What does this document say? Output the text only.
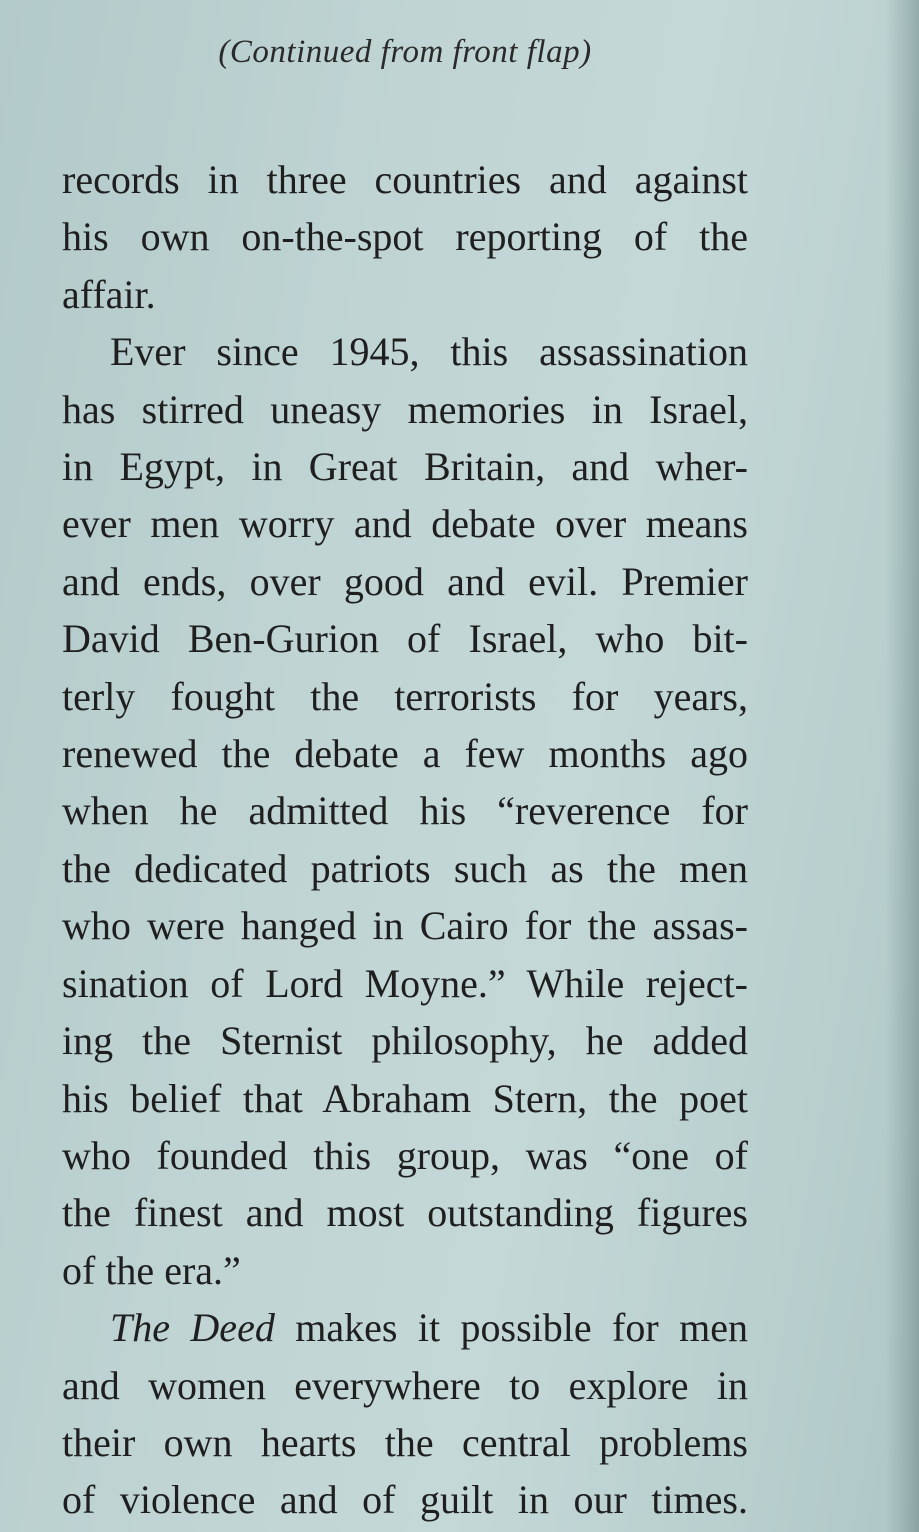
(Continued from front flap)

records in three countries and against
his own on-the-spot reporting of the
affair.

Ever since 1945, this assassination
has stirred uneasy memories in Israel,
in Egypt, in Great Britain, and wher-
ever men worry and debate over means
and ends, over good and evil. Premier
David Ben-Gurion of Israel, who bit-
terly fought the terrorists for years,
renewed the debate a few months ago
when he admitted his “reverence for
the dedicated patriots such as the men
who were hanged in Cairo for the assas-
sination of Lord Moyne.” While reject-
ing the Sternist philosophy, he added
his belief that Abraham Stern, the poet
who founded this group, was “one of
the finest and most outstanding figures
of the era.”

The Deed makes it possible for men
and women everywhere to explore in
their own hearts the central problems
of violence and of guilt in our times.
